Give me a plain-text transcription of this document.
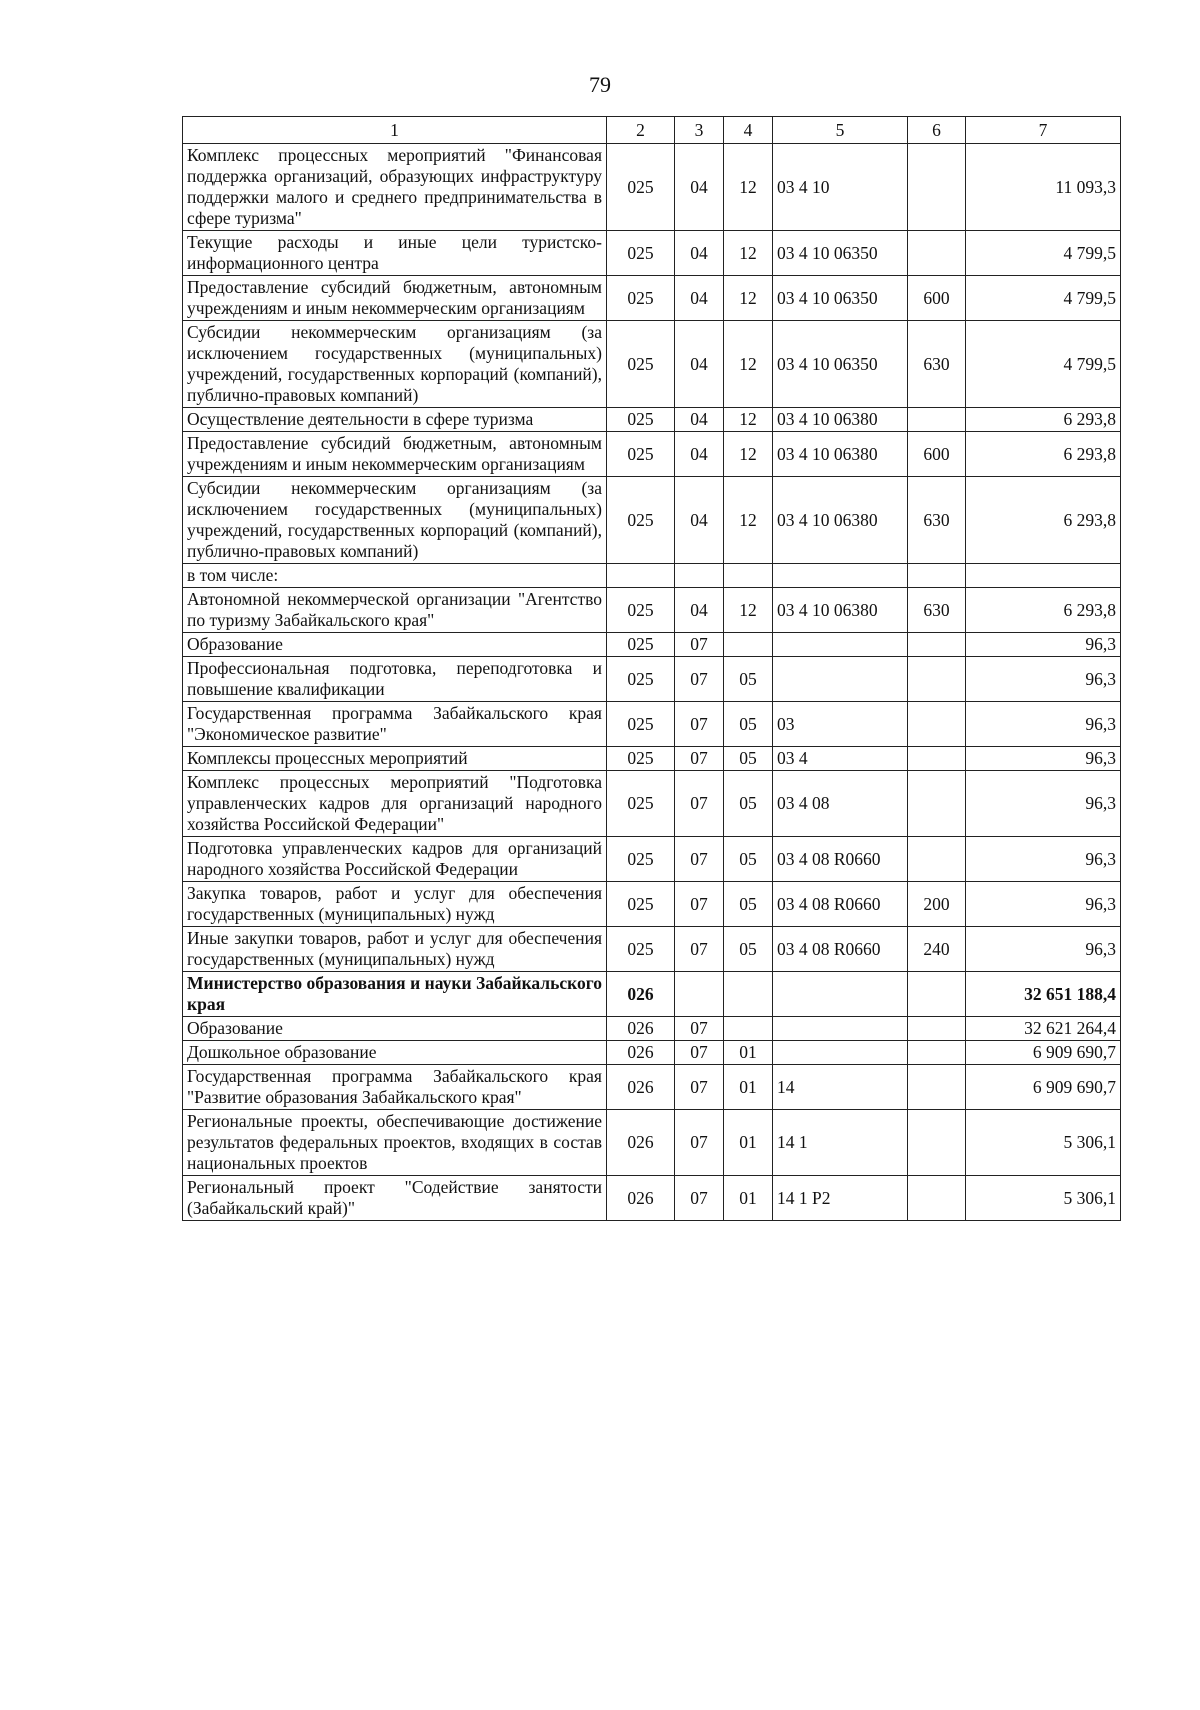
79
1	2	3	4	5	6	7
Комплекс процессных мероприятий "Финансовая поддержка организаций, образующих инфраструктуру поддержки малого и среднего предпринимательства в сфере туризма"	025	04	12	03 4 10		11 093,3
Текущие расходы и иные цели туристско-информационного центра	025	04	12	03 4 10 06350		4 799,5
Предоставление субсидий бюджетным, автономным учреждениям и иным некоммерческим организациям	025	04	12	03 4 10 06350	600	4 799,5
Субсидии некоммерческим организациям (за исключением государственных (муниципальных) учреждений, государственных корпораций (компаний), публично-правовых компаний)	025	04	12	03 4 10 06350	630	4 799,5
Осуществление деятельности в сфере туризма	025	04	12	03 4 10 06380		6 293,8
Предоставление субсидий бюджетным, автономным учреждениям и иным некоммерческим организациям	025	04	12	03 4 10 06380	600	6 293,8
Субсидии некоммерческим организациям (за исключением государственных (муниципальных) учреждений, государственных корпораций (компаний), публично-правовых компаний)	025	04	12	03 4 10 06380	630	6 293,8
в том числе:						
Автономной некоммерческой организации "Агентство по туризму Забайкальского края"	025	04	12	03 4 10 06380	630	6 293,8
Образование	025	07				96,3
Профессиональная подготовка, переподготовка и повышение квалификации	025	07	05			96,3
Государственная программа Забайкальского края "Экономическое развитие"	025	07	05	03		96,3
Комплексы процессных мероприятий	025	07	05	03 4		96,3
Комплекс процессных мероприятий "Подготовка управленческих кадров для организаций народного хозяйства Российской Федерации"	025	07	05	03 4 08		96,3
Подготовка управленческих кадров для организаций народного хозяйства Российской Федерации	025	07	05	03 4 08 R0660		96,3
Закупка товаров, работ и услуг для обеспечения государственных (муниципальных) нужд	025	07	05	03 4 08 R0660	200	96,3
Иные закупки товаров, работ и услуг для обеспечения государственных (муниципальных) нужд	025	07	05	03 4 08 R0660	240	96,3
Министерство образования и науки Забайкальского края	026					32 651 188,4
Образование	026	07				32 621 264,4
Дошкольное образование	026	07	01			6 909 690,7
Государственная программа Забайкальского края "Развитие образования Забайкальского края"	026	07	01	14		6 909 690,7
Региональные проекты, обеспечивающие достижение результатов федеральных проектов, входящих в состав национальных проектов	026	07	01	14 1		5 306,1
Региональный проект "Содействие занятости (Забайкальский край)"	026	07	01	14 1 Р2		5 306,1
